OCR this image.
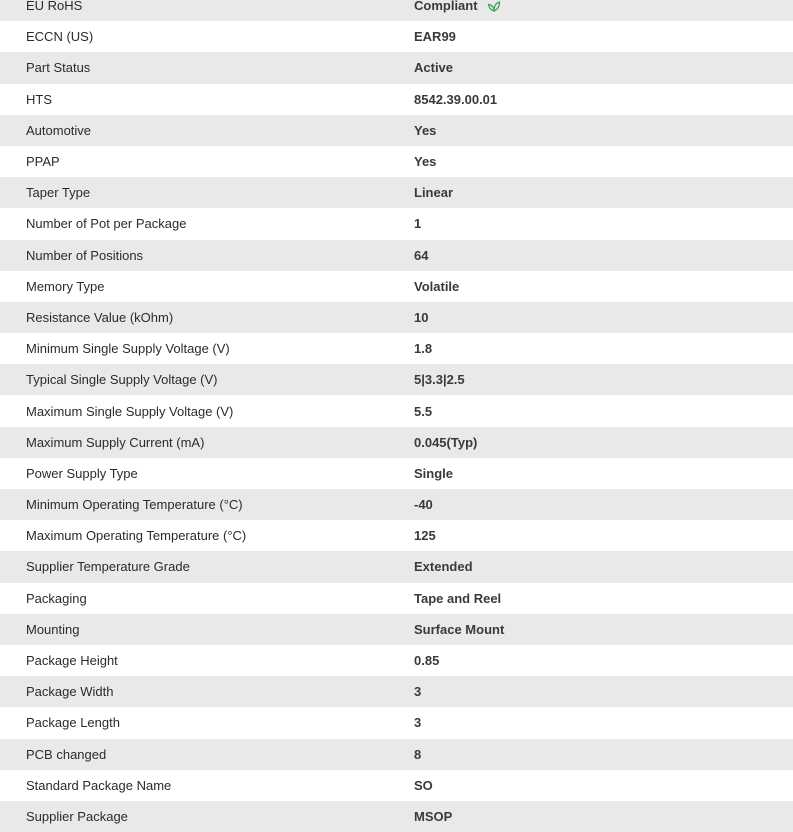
EU RoHS	Compliant
ECCN (US)	EAR99
Part Status	Active
HTS	8542.39.00.01
Automotive	Yes
PPAP	Yes
Taper Type	Linear
Number of Pot per Package	1
Number of Positions	64
Memory Type	Volatile
Resistance Value (kOhm)	10
Minimum Single Supply Voltage (V)	1.8
Typical Single Supply Voltage (V)	5|3.3|2.5
Maximum Single Supply Voltage (V)	5.5
Maximum Supply Current (mA)	0.045(Typ)
Power Supply Type	Single
Minimum Operating Temperature (°C)	-40
Maximum Operating Temperature (°C)	125
Supplier Temperature Grade	Extended
Packaging	Tape and Reel
Mounting	Surface Mount
Package Height	0.85
Package Width	3
Package Length	3
PCB changed	8
Standard Package Name	SO
Supplier Package	MSOP
